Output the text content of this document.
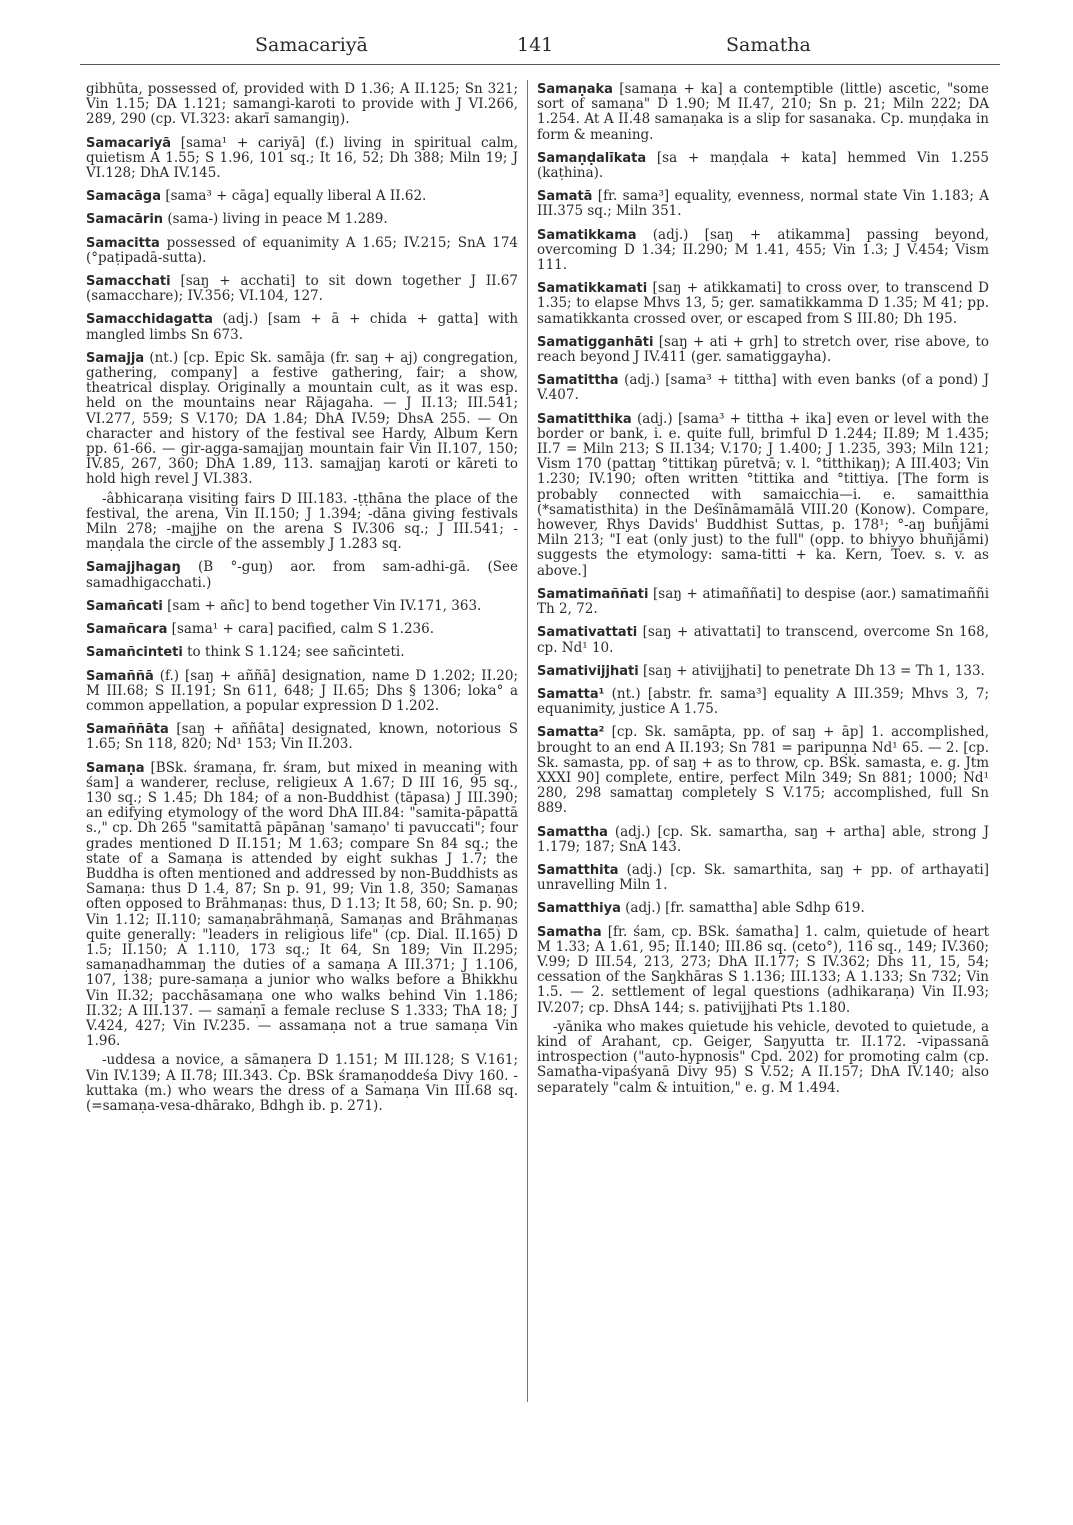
Samacariyā	141	Samatha

gibhūta, possessed of, provided with D 1.36; A II.125; Sn 321; Vin 1.15; DA 1.121; samangi-karoti to provide with J VI.266, 289, 290 (cp. VI.323: akarī samangiŋ).

Samacariyā [sama¹ + cariyā] (f.) living in spiritual calm, quietism A 1.55; S 1.96, 101 sq.; It 16, 52; Dh 388; Miln 19; J VI.128; DhA IV.145.

Samacāga [sama³ + cāga] equally liberal A II.62.

Samacārin (sama-) living in peace M 1.289.

Samacitta possessed of equanimity A 1.65; IV.215; SnA 174 (°paṭipadā-sutta).

Samacchati [saŋ + acchati] to sit down together J II.67 (samacchare); IV.356; VI.104, 127.

Samacchidagatta (adj.) [sam + ā + chida + gatta] with mangled limbs Sn 673.

Samajja (nt.) [cp. Epic Sk. samāja (fr. saŋ + aj) congregation, gathering, company] a festive gathering, fair; a show, theatrical display. Originally a mountain cult, as it was esp. held on the mountains near Rājagaha. — J II.13; III.541; VI.277, 559; S V.170; DA 1.84; DhA IV.59; DhsA 255. — On character and history of the festival see Hardy, Album Kern pp. 61-66. — gir-agga-samajjaŋ mountain fair Vin II.107, 150; IV.85, 267, 360; DhA 1.89, 113. samajjaŋ karoti or kāreti to hold high revel J VI.383.

-âbhicaraṇa visiting fairs D III.183. -ṭṭhāna the place of the festival, the arena, Vin II.150; J 1.394; -dāna giving festivals Miln 278; -majjhe on the arena S IV.306 sq.; J III.541; -maṇḍala the circle of the assembly J 1.283 sq.

Samajjhagaŋ (B °-guŋ) aor. from sam-adhi-gā. (See samadhigacchati.)

Samañcati [sam + añc] to bend together Vin IV.171, 363.

Samañcara [sama¹ + cara] pacified, calm S 1.236.

Samañcinteti to think S 1.124; see sañcinteti.

Samaññā (f.) [saŋ + aññā] designation, name D 1.202; II.20; M III.68; S II.191; Sn 611, 648; J II.65; Dhs § 1306; loka° a common appellation, a popular expression D 1.202.

Samaññāta [saŋ + aññāta] designated, known, notorious S 1.65; Sn 118, 820; Nd¹ 153; Vin II.203.

Samaṇa [BSk. śramaṇa, fr. śram, but mixed in meaning with śam] a wanderer, recluse, religieux A 1.67; D III 16, 95 sq., 130 sq.; S 1.45; Dh 184; of a non-Buddhist (tāpasa) J III.390; an edifying etymology of the word DhA III.84: "samita-pāpattā s.," cp. Dh 265 "samitattā pāpānaŋ 'samaṇo' ti pavuccati"; four grades mentioned D II.151; M 1.63; compare Sn 84 sq.; the state of a Samaṇa is attended by eight sukhas J 1.7; the Buddha is often mentioned and addressed by non-Buddhists as Samaṇa: thus D 1.4, 87; Sn p. 91, 99; Vin 1.8, 350; Samaṇas often opposed to Brāhmaṇas: thus, D 1.13; It 58, 60; Sn. p. 90; Vin 1.12; II.110; samaṇabrāhmaṇā, Samaṇas and Brāhmaṇas quite generally: "leaders in religious life" (cp. Dial. II.165) D 1.5; II.150; A 1.110, 173 sq.; It 64, Sn 189; Vin II.295; samaṇadhammaŋ the duties of a samaṇa A III.371; J 1.106, 107, 138; pure-samaṇa a junior who walks before a Bhikkhu Vin II.32; pacchāsamaṇa one who walks behind Vin 1.186; II.32; A III.137. — samaṇī a female recluse S 1.333; ThA 18; J V.424, 427; Vin IV.235. — assamaṇa not a true samaṇa Vin 1.96.

-uddesa a novice, a sāmaṇera D 1.151; M III.128; S V.161; Vin IV.139; A II.78; III.343. Cp. BSk śramaṇoddeśa Divy 160. -kuttaka (m.) who wears the dress of a Samaṇa Vin III.68 sq. (=samaṇa-vesa-dhārako, Bdhgh ib. p. 271).

Samaṇaka [samaṇa + ka] a contemptible (little) ascetic, "some sort of samaṇa" D 1.90; M II.47, 210; Sn p. 21; Miln 222; DA 1.254. At A II.48 samaṇaka is a slip for sasanaka. Cp. muṇḍaka in form & meaning.

Samaṇḍalīkata [sa + maṇḍala + kata] hemmed Vin 1.255 (kaṭhina).

Samatā [fr. sama³] equality, evenness, normal state Vin 1.183; A III.375 sq.; Miln 351.

Samatikkama (adj.) [saŋ + atikamma] passing beyond, overcoming D 1.34; II.290; M 1.41, 455; Vin 1.3; J V.454; Vism 111.

Samatikkamati [saŋ + atikkamati] to cross over, to transcend D 1.35; to elapse Mhvs 13, 5; ger. samatikkamma D 1.35; M 41; pp. samatikkanta crossed over, or escaped from S III.80; Dh 195.

Samatigganhāti [saŋ + ati + grh] to stretch over, rise above, to reach beyond J IV.411 (ger. samatiggayha).

Samatittha (adj.) [sama³ + tittha] with even banks (of a pond) J V.407.

Samatitthika (adj.) [sama³ + tittha + ika] even or level with the border or bank, i. e. quite full, brimful D 1.244; II.89; M 1.435; II.7 = Miln 213; S II.134; V.170; J 1.400; J 1.235, 393; Miln 121; Vism 170 (pattaŋ °tittikaŋ pūretvā; v. l. °titthikaŋ); A III.403; Vin 1.230; IV.190; often written °tittika and °tittiya. [The form is probably connected with samaicchia—i. e. samaitthia (*samatisthita) in the Deśīnāmamālā VIII.20 (Konow). Compare, however, Rhys Davids' Buddhist Suttas, p. 178¹; °-aŋ buñjāmi Miln 213; "I eat (only just) to the full" (opp. to bhiyyo bhuñjāmi) suggests the etymology: sama-titti + ka. Kern, Toev. s. v. as above.]

Samatimaññati [saŋ + atimaññati] to despise (aor.) samatimaññi Th 2, 72.

Samativattati [saŋ + ativattati] to transcend, overcome Sn 168, cp. Nd¹ 10.

Samativijjhati [saŋ + ativijjhati] to penetrate Dh 13 = Th 1, 133.

Samatta¹ (nt.) [abstr. fr. sama³] equality A III.359; Mhvs 3, 7; equanimity, justice A 1.75.

Samatta² [cp. Sk. samāpta, pp. of saŋ + āp] 1. accomplished, brought to an end A II.193; Sn 781 = paripuṇṇa Nd¹ 65. — 2. [cp. Sk. samasta, pp. of saŋ + as to throw, cp. BSk. samasta, e. g. Jtm XXXI 90] complete, entire, perfect Miln 349; Sn 881; 1000; Nd¹ 280, 298 samattaŋ completely S V.175; accomplished, full Sn 889.

Samattha (adj.) [cp. Sk. samartha, saŋ + artha] able, strong J 1.179; 187; SnA 143.

Samatthita (adj.) [cp. Sk. samarthita, saŋ + pp. of arthayati] unravelling Miln 1.

Samatthiya (adj.) [fr. samattha] able Sdhp 619.

Samatha [fr. śam, cp. BSk. śamatha] 1. calm, quietude of heart M 1.33; A 1.61, 95; II.140; III.86 sq. (ceto°), 116 sq., 149; IV.360; V.99; D III.54, 213, 273; DhA II.177; S IV.362; Dhs 11, 15, 54; cessation of the Saŋkhāras S 1.136; III.133; A 1.133; Sn 732; Vin 1.5. — 2. settlement of legal questions (adhikaraṇa) Vin II.93; IV.207; cp. DhsA 144; s. pativijjhati Pts 1.180.

-yānika who makes quietude his vehicle, devoted to quietude, a kind of Arahant, cp. Geiger, Saŋyutta tr. II.172. -vipassanā introspection ("auto-hypnosis" Cpd. 202) for promoting calm (cp. Samatha-vipaśyanā Divy 95) S V.52; A II.157; DhA IV.140; also separately "calm & intuition," e. g. M 1.494.
